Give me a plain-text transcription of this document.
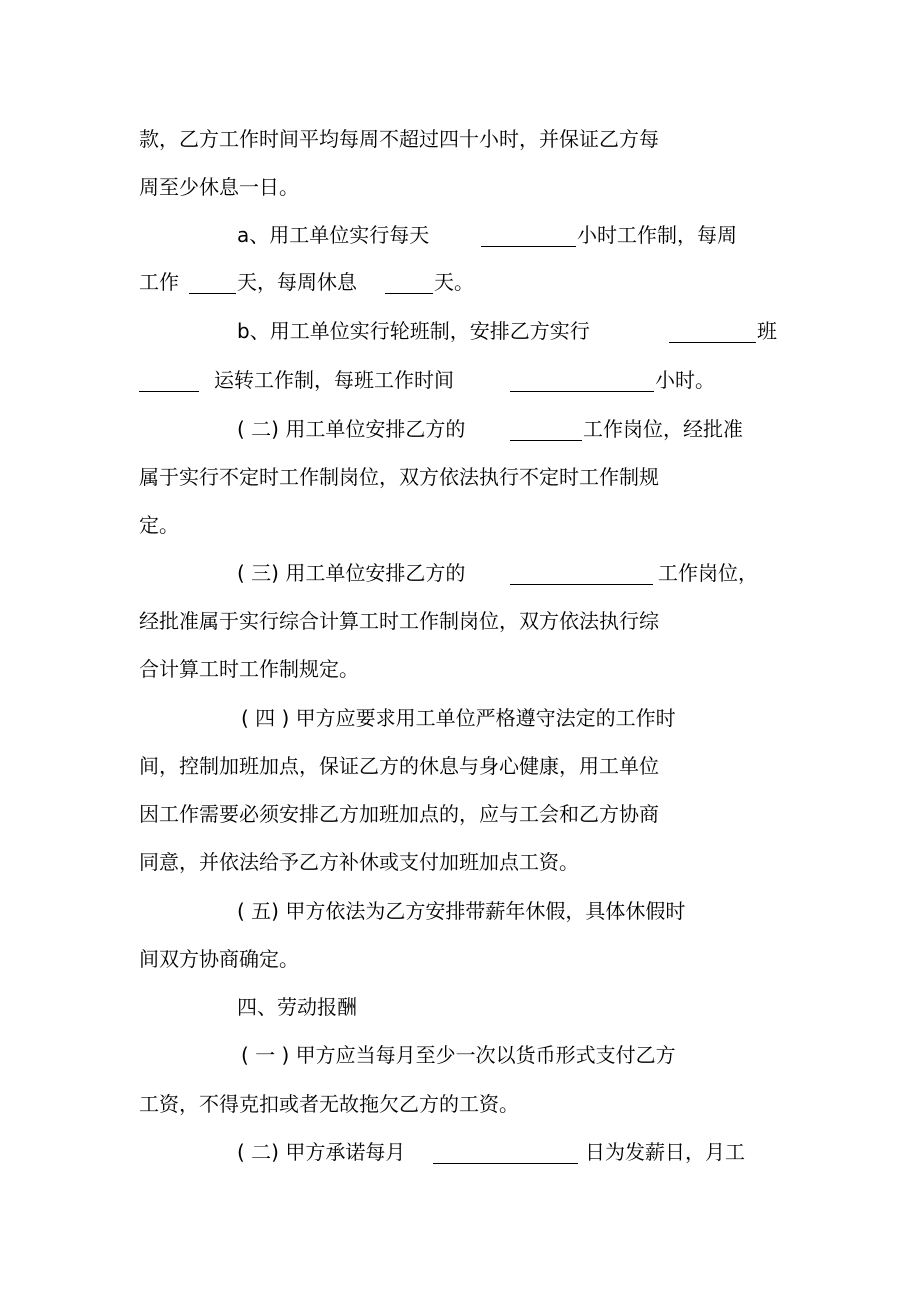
款，乙方工作时间平均每周不超过四十小时，并保证乙方每
周至少休息一日。
a、用工单位实行每天	小时工作制，每周
工作	天，每周休息	天。
b、用工单位实行轮班制，安排乙方实行	班
运转工作制，每班工作时间	小时。
( 二) 用工单位安排乙方的	工作岗位，经批准
属于实行不定时工作制岗位，双方依法执行不定时工作制规
定。
( 三) 用工单位安排乙方的	工作岗位，
经批准属于实行综合计算工时工作制岗位，双方依法执行综
合计算工时工作制规定。
( 四 ) 甲方应要求用工单位严格遵守法定的工作时
间，控制加班加点，保证乙方的休息与身心健康，用工单位
因工作需要必须安排乙方加班加点的，应与工会和乙方协商
同意，并依法给予乙方补休或支付加班加点工资。
( 五) 甲方依法为乙方安排带薪年休假，具体休假时
间双方协商确定。
四、劳动报酬
( 一 ) 甲方应当每月至少一次以货币形式支付乙方
工资，不得克扣或者无故拖欠乙方的工资。
( 二) 甲方承诺每月	日为发薪日，月工
